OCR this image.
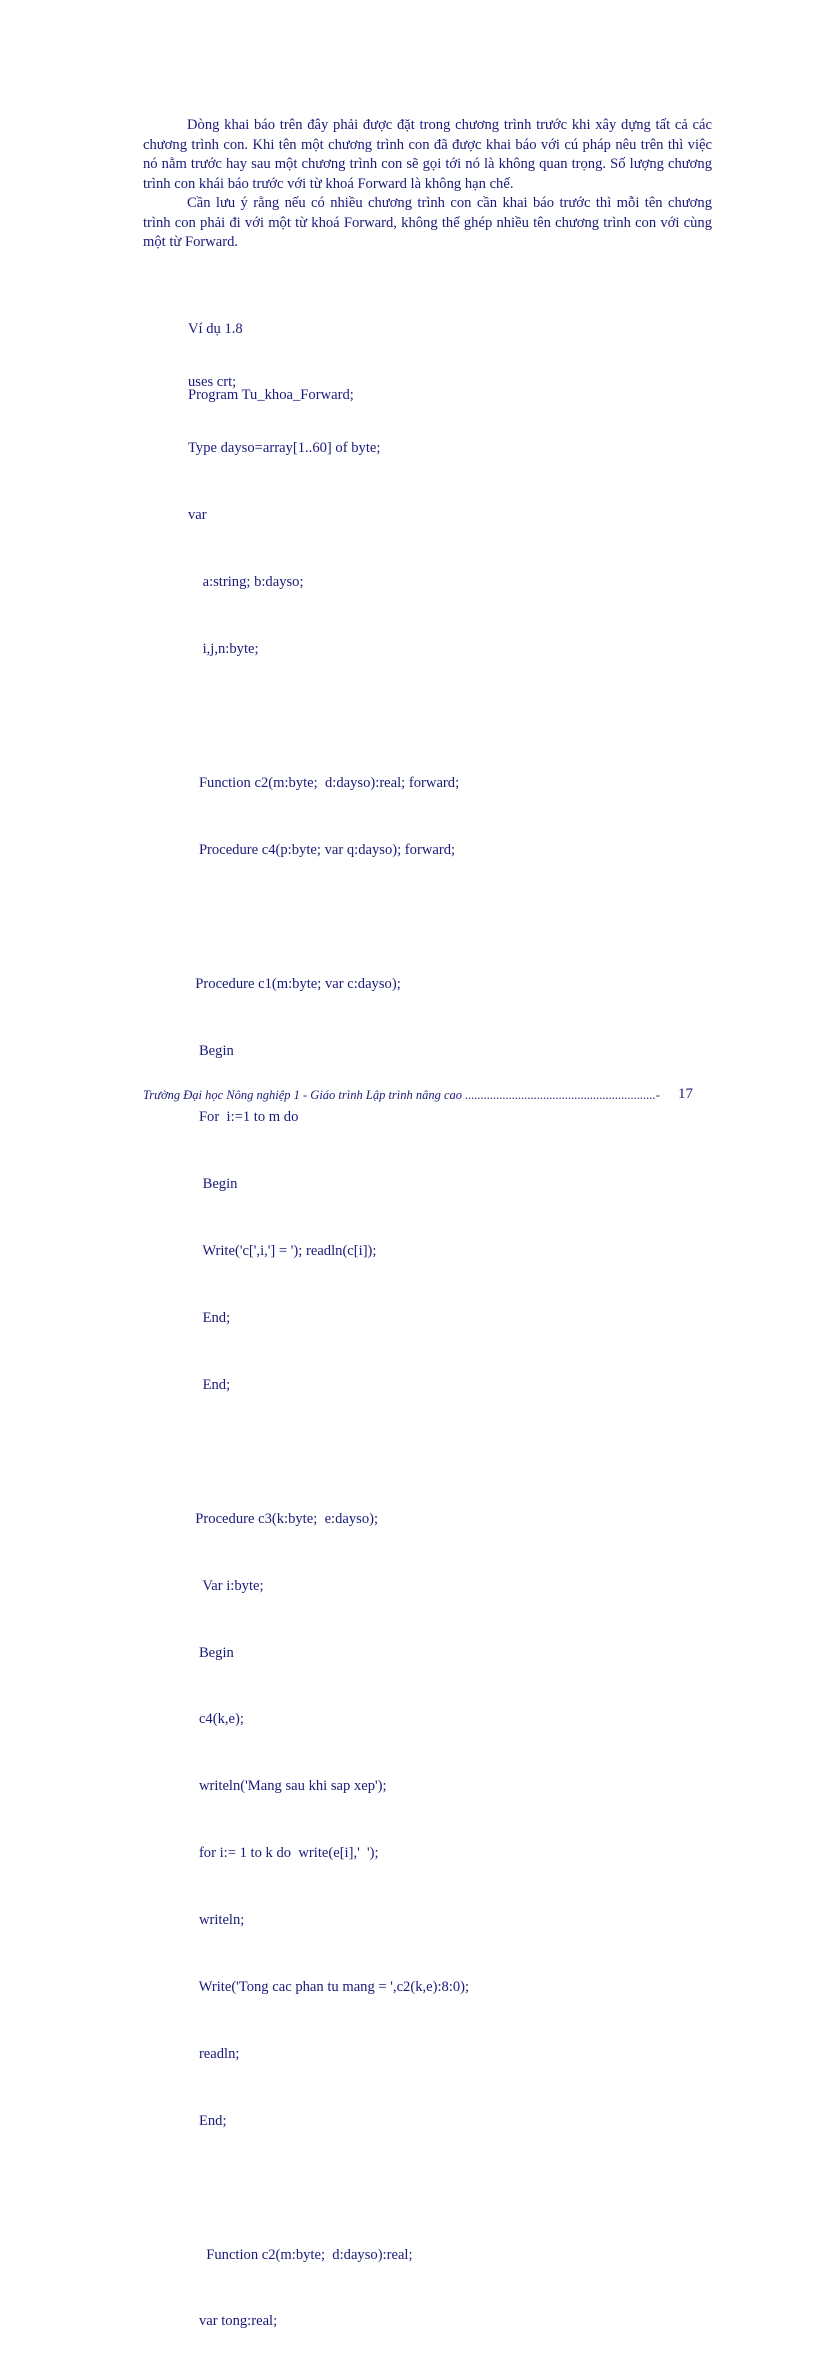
Dòng khai báo trên đây phải được đặt trong chương trình trước khi xây dựng tất cả các chương trình con. Khi tên một chương trình con đã được khai báo với cú pháp nêu trên thì việc nó nằm trước hay sau một chương trình con sẽ gọi tới nó là không quan trọng. Số lượng chương trình con khái báo trước với từ khoá Forward là không hạn chế.

Cần lưu ý rằng nếu có nhiều chương trình con cần khai báo trước thì mỗi tên chương trình con phải đi với một từ khoá Forward, không thể ghép nhiều tên chương trình con với cùng một từ Forward.

Ví dụ 1.8

Program Tu_khoa_Forward;

uses crt;

Type dayso=array[1..60] of byte;

var

a:string; b:dayso;

i,j,n:byte;

Function c2(m:byte;  d:dayso):real; forward;

Procedure c4(p:byte; var q:dayso); forward;

Procedure c1(m:byte; var c:dayso);

Begin

For  i:=1 to m do

Begin

Write('c[',i,'] = '); readln(c[i]);

End;

End;

Procedure c3(k:byte;  e:dayso);

Var i:byte;

Begin

c4(k,e);

writeln('Mang sau khi sap xep');

for i:= 1 to k do  write(e[i],'  ');

writeln;

Write('Tong cac phan tu mang = ',c2(k,e):8:0);

readln;

End;

Function c2(m:byte;  d:dayso):real;

var tong:real;

Trường Đại học Nông nghiệp 1 - Giáo trình Lập trình nâng cao .............................................................-	17
